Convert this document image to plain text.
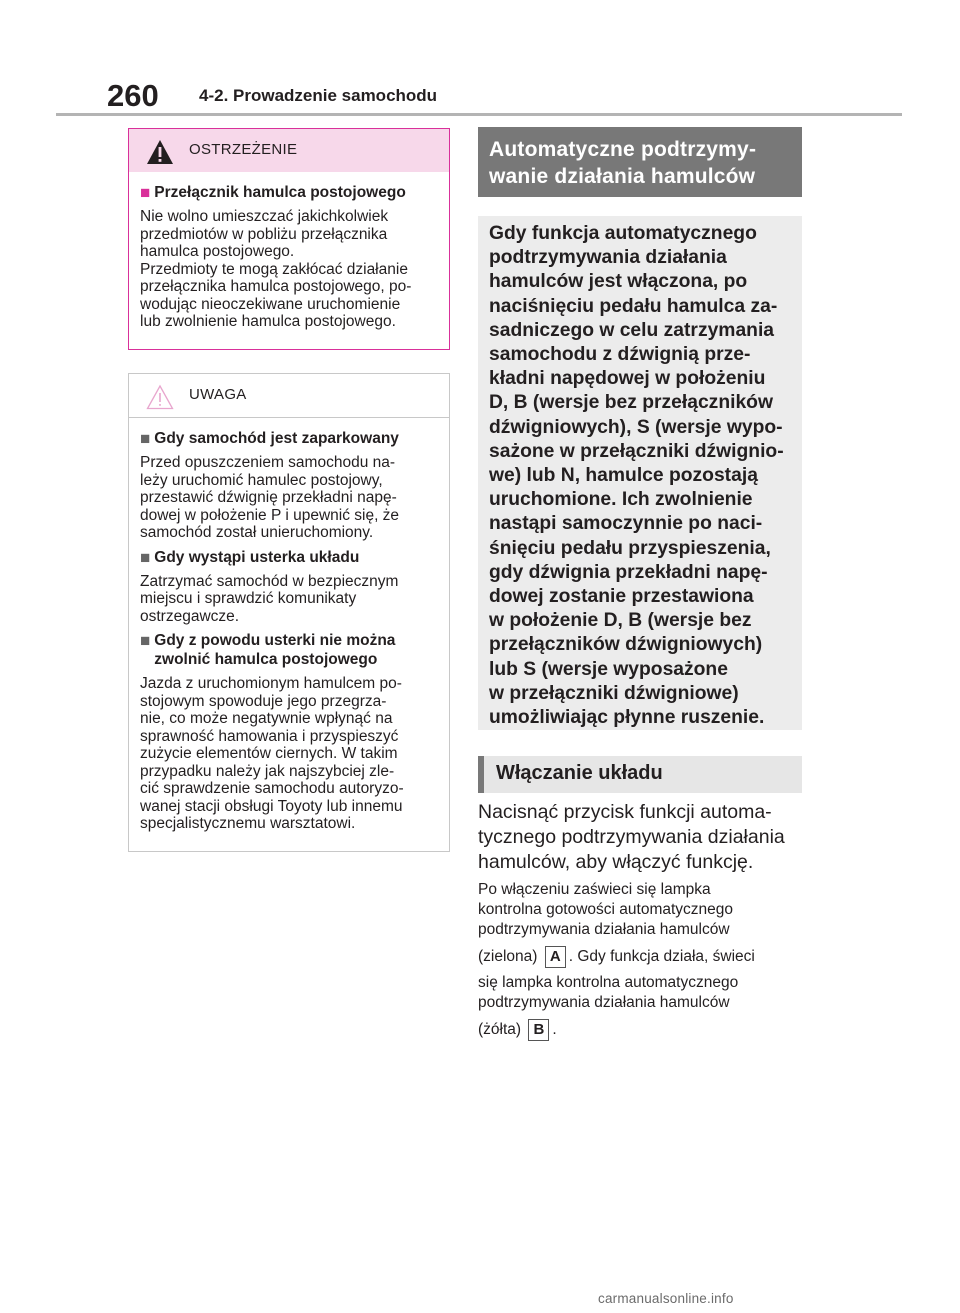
260 4-2. Prowadzenie samochodu
OSTRZEŻENIE
■ Przełącznik hamulca postojowego

Nie wolno umieszczać jakichkolwiek
przedmiotów w pobliżu przełącznika
hamulca postojowego.
Przedmioty te mogą zakłócać działanie
przełącznika hamulca postojowego, po-
wodując nieoczekiwane uruchomienie
lub zwolnienie hamulca postojowego.

UWAGA
■ Gdy samochód jest zaparkowany

Przed opuszczeniem samochodu na-
leży uruchomić hamulec postojowy,
przestawić dźwignię przekładni napę-
dowej w położenie P i upewnić się, że
samochód został unieruchomiony.

■ Gdy wystąpi usterka układu

Zatrzymać samochód w bezpiecznym
miejscu i sprawdzić komunikaty
ostrzegawcze.

■ Gdy z powodu usterki nie można
zwolnić hamulca postojowego

Jazda z uruchomionym hamulcem po-
stojowym spowoduje jego przegrza-
nie, co może negatywnie wpłynąć na
sprawność hamowania i przyspieszyć
zużycie elementów ciernych. W takim
przypadku należy jak najszybciej zle-
cić sprawdzenie samochodu autoryzo-
wanej stacji obsługi Toyoty lub innemu
specjalistycznemu warsztatowi.

Automatyczne podtrzymy-
wanie działania hamulców
Gdy funkcja automatycznego
podtrzymywania działania
hamulców jest włączona, po
naciśnięciu pedału hamulca za-
sadniczego w celu zatrzymania
samochodu z dźwignią prze-
kładni napędowej w położeniu
D, B (wersje bez przełączników
dźwigniowych), S (wersje wypo-
sażone w przełączniki dźwignio-
we) lub N, hamulce pozostają
uruchomione. Ich zwolnienie
nastąpi samoczynnie po naci-
śnięciu pedału przyspieszenia,
gdy dźwignia przekładni napę-
dowej zostanie przestawiona
w położenie D, B (wersje bez
przełączników dźwigniowych)
lub S (wersje wyposażone
w przełączniki dźwigniowe)
umożliwiając płynne ruszenie.
Włączanie układu
Nacisnąć przycisk funkcji automa-
tycznego podtrzymywania działania
hamulców, aby włączyć funkcję.
Po włączeniu zaświeci się lampka
kontrolna gotowości automatycznego
podtrzymywania działania hamulców
(zielona) A . Gdy funkcja działa, świeci
się lampka kontrolna automatycznego
podtrzymywania działania hamulców
(żółta) B .
carmanualsonline.info
